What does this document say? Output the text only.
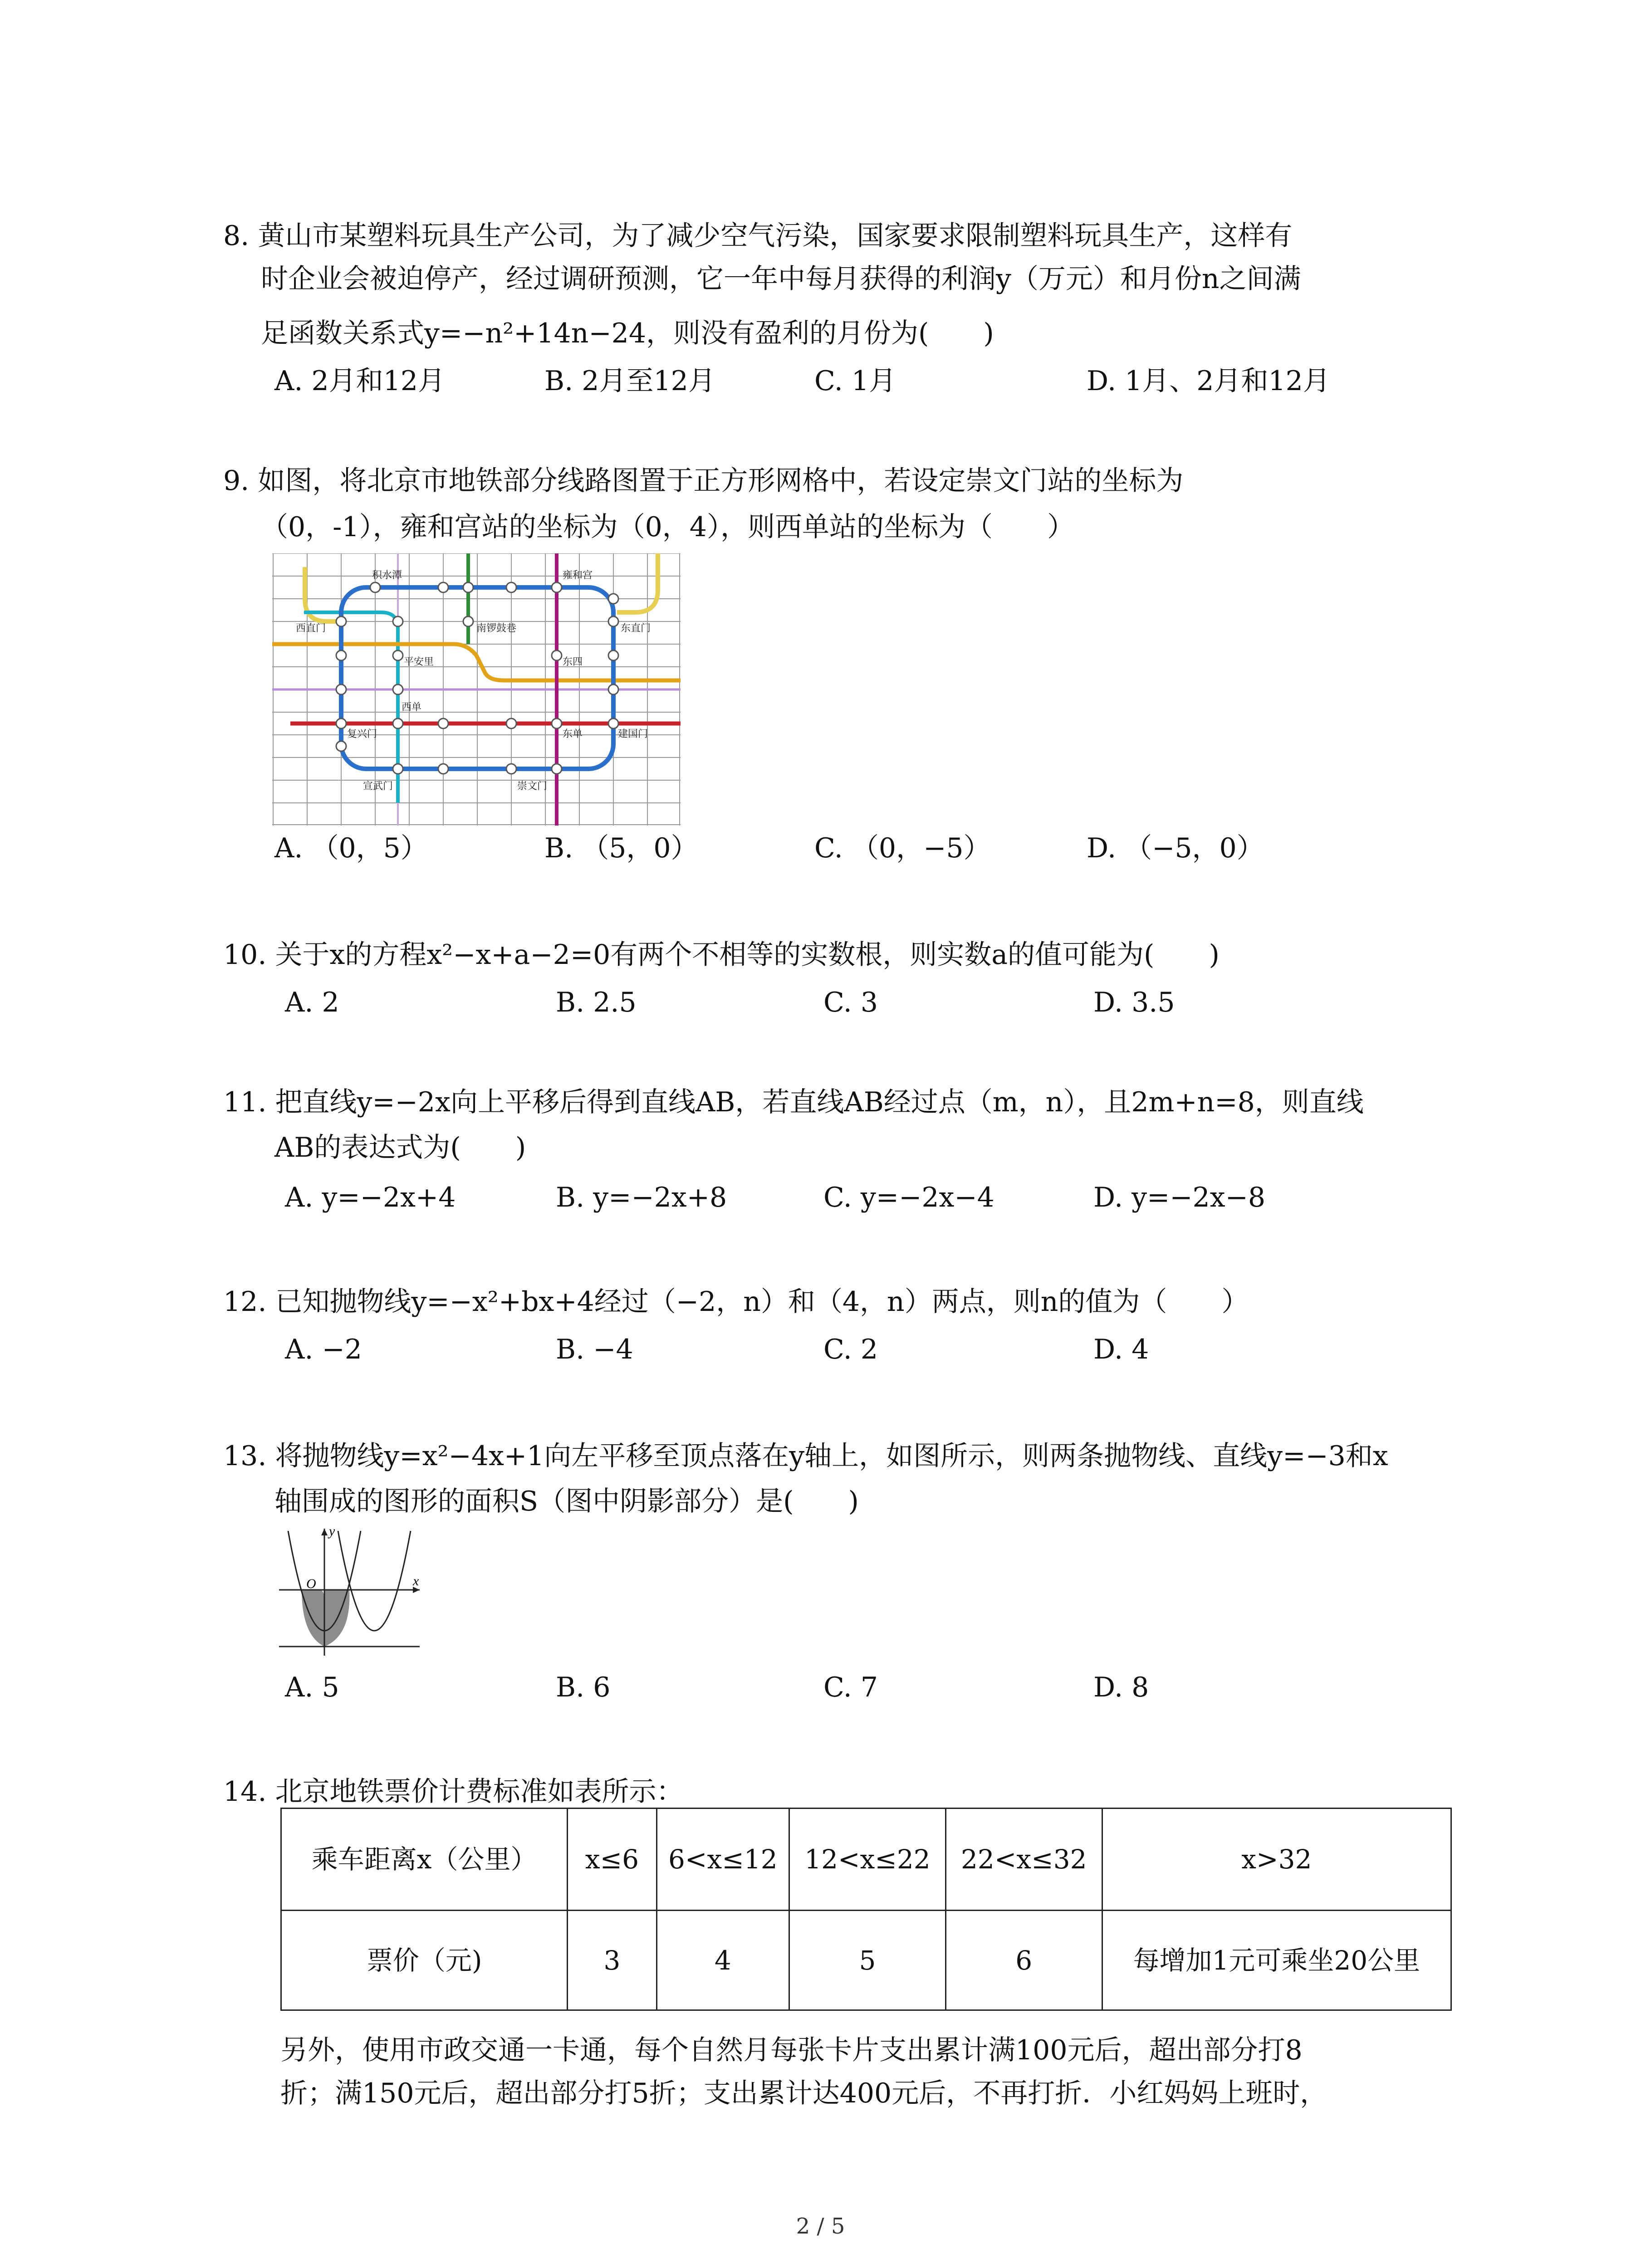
8. 黄山市某塑料玩具生产公司，为了减少空气污染，国家要求限制塑料玩具生产，这样有
时企业会被迫停产，经过调研预测，它一年中每月获得的利润y（万元）和月份n之间满
足函数关系式y=−n²+14n−24，则没有盈利的月份为(　　)
A. 2月和12月	B. 2月至12月	C. 1月	D. 1月、2月和12月
9. 如图，将北京市地铁部分线路图置于正方形网格中，若设定崇文门站的坐标为
（0，-1），雍和宫站的坐标为（0，4），则西单站的坐标为（　　）
积水潭	雍和宫
西直门	东直门
南锣鼓巷
平安里	东四
西单
东单
复兴门	建国门
宣武门	崇文门
A. （0，5）	B. （5，0）	C. （0，−5）	D. （−5，0）
10. 关于x的方程x²−x+a−2=0有两个不相等的实数根，则实数a的值可能为(　　)
A. 2	B. 2.5	C. 3	D. 3.5
11. 把直线y=−2x向上平移后得到直线AB，若直线AB经过点（m，n），且2m+n=8，则直线
AB的表达式为(　　)
A. y=−2x+4	B. y=−2x+8	C. y=−2x−4	D. y=−2x−8
12. 已知抛物线y=−x²+bx+4经过（−2，n）和（4，n）两点，则n的值为（　　）
A. −2	B. −4	C. 2	D. 4
13. 将抛物线y=x²−4x+1向左平移至顶点落在y轴上，如图所示，则两条抛物线、直线y=−3和x
轴围成的图形的面积S（图中阴影部分）是(　　)
y
x
O
A. 5	B. 6	C. 7	D. 8
14. 北京地铁票价计费标准如表所示：
乘车距离x（公里）	x≤6	6<x≤12	12<x≤22	22<x≤32	x>32
票价（元)	3	4	5	6	每增加1元可乘坐20公里
另外，使用市政交通一卡通，每个自然月每张卡片支出累计满100元后，超出部分打8
折；满150元后，超出部分打5折；支出累计达400元后，不再打折．小红妈妈上班时，
2 / 5
